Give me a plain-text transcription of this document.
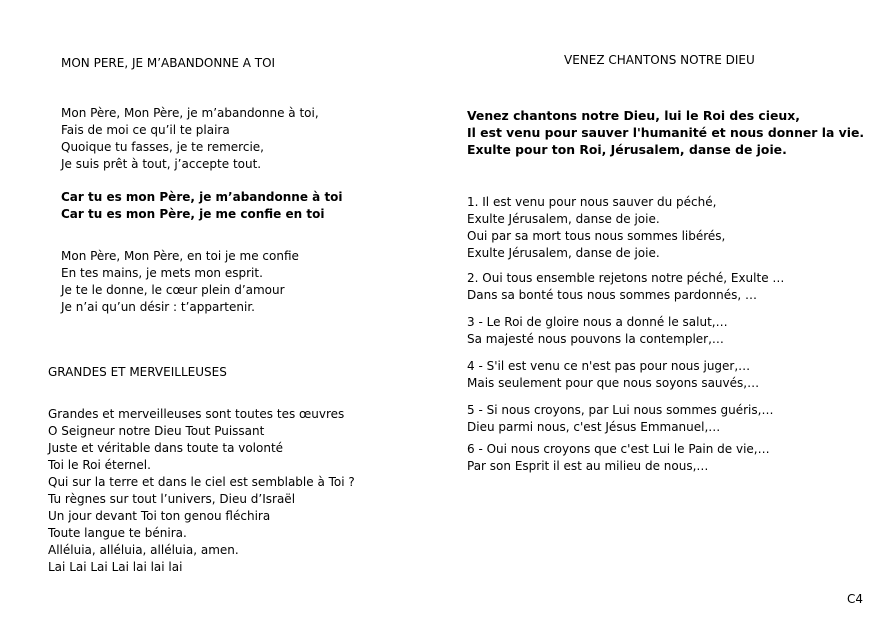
MON PERE, JE M’ABANDONNE A TOI
Mon Père, Mon Père, je m’abandonne à toi,
Fais de moi ce qu’il te plaira
Quoique tu fasses, je te remercie,
Je suis prêt à tout, j’accepte tout.
Car tu es mon Père, je m’abandonne à toi
Car tu es mon Père, je me confie en toi
Mon Père, Mon Père, en toi je me confie
En tes mains, je mets mon esprit.
Je te le donne, le cœur plein d’amour
Je n’ai qu’un désir : t’appartenir.
GRANDES ET MERVEILLEUSES
Grandes et merveilleuses sont toutes tes œuvres
O Seigneur notre Dieu Tout Puissant
Juste et véritable dans toute ta volonté
Toi le Roi éternel.
Qui sur la terre et dans le ciel est semblable à Toi ?
Tu règnes sur tout l’univers, Dieu d’Israël
Un jour devant Toi ton genou fléchira
Toute langue te bénira.
Alléluia, alléluia, alléluia, amen.
Lai Lai Lai Lai lai lai lai
VENEZ CHANTONS NOTRE DIEU
Venez chantons notre Dieu, lui le Roi des cieux,
Il est venu pour sauver l'humanité et nous donner la vie.
Exulte pour ton Roi, Jérusalem, danse de joie.
1. Il est venu pour nous sauver du péché,
Exulte Jérusalem, danse de joie.
Oui par sa mort tous nous sommes libérés,
Exulte Jérusalem, danse de joie.
2. Oui tous ensemble rejetons notre péché, Exulte …
Dans sa bonté tous nous sommes pardonnés, …
3 - Le Roi de gloire nous a donné le salut,…
Sa majesté nous pouvons la contempler,…
4 - S'il est venu ce n'est pas pour nous juger,…
Mais seulement pour que nous soyons sauvés,…
5 - Si nous croyons, par Lui nous sommes guéris,…
Dieu parmi nous, c'est Jésus Emmanuel,…
6 - Oui nous croyons que c'est Lui le Pain de vie,…
Par son Esprit il est au milieu de nous,…
C4
